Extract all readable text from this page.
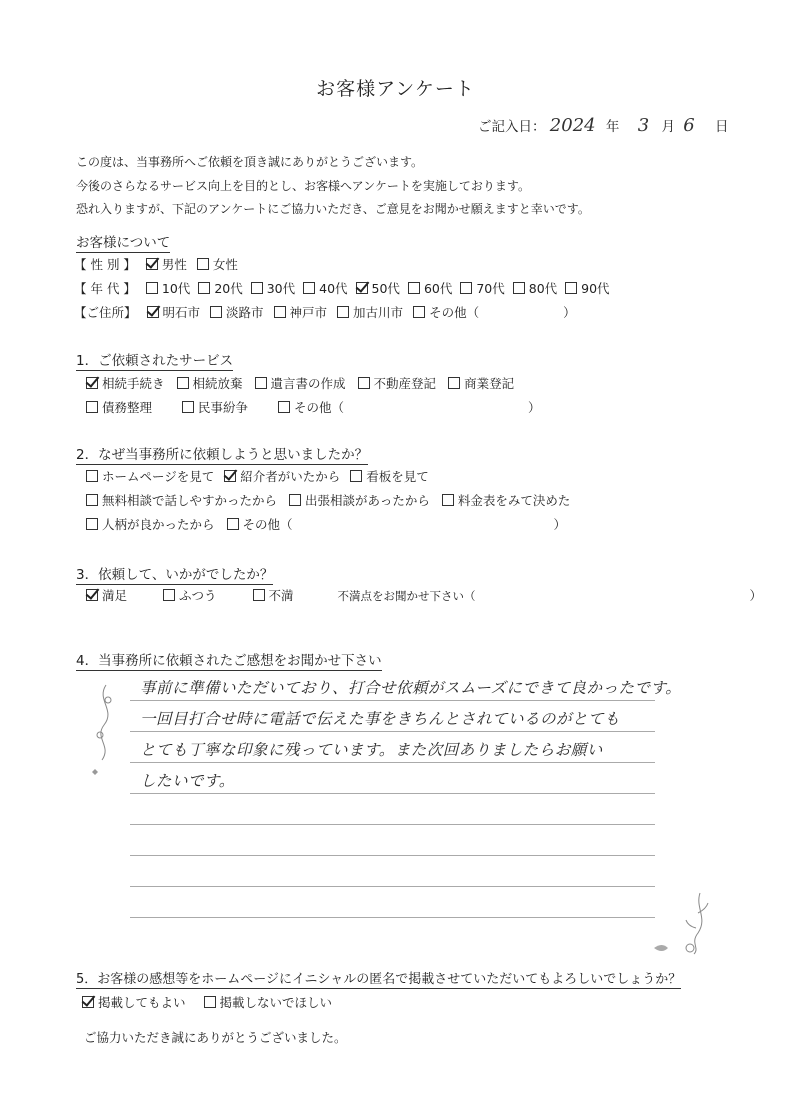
お客様アンケート
ご記入日： 2024 年 3 月 6 日
この度は、当事務所へご依頼を頂き誠にありがとうございます。
今後のさらなるサービス向上を目的とし、お客様へアンケートを実施しております。
恐れ入りますが、下記のアンケートにご協力いただき、ご意見をお聞かせ願えますと幸いです。
お客様について
【 性 別 】 男性 女性
【 年 代 】 10代 20代 30代 40代 50代 60代 70代 80代 90代
【ご住所】 明石市 淡路市 神戸市 加古川市 その他（	）
1．ご依頼されたサービス
相続手続き 相続放棄 遺言書の作成 不動産登記 商業登記
債務整理	民事紛争	その他（	）
2．なぜ当事務所に依頼しようと思いましたか？
ホームページを見て 紹介者がいたから 看板を見て
無料相談で話しやすかったから 出張相談があったから 料金表をみて決めた
人柄が良かったから その他（	）
3．依頼して、いかがでしたか？
満足	ふつう	不満	不満点をお聞かせ下さい（	）
4．当事務所に依頼されたご感想をお聞かせ下さい
事前に準備いただいており、打合せ依頼がスムーズにできて良かったです。
一回目打合せ時に電話で伝えた事をきちんとされているのがとても
とても丁寧な印象に残っています。また次回ありましたらお願い
したいです。
5．お客様の感想等をホームページにイニシャルの匿名で掲載させていただいてもよろしいでしょうか？
掲載してもよい	掲載しないでほしい
ご協力いただき誠にありがとうございました。
